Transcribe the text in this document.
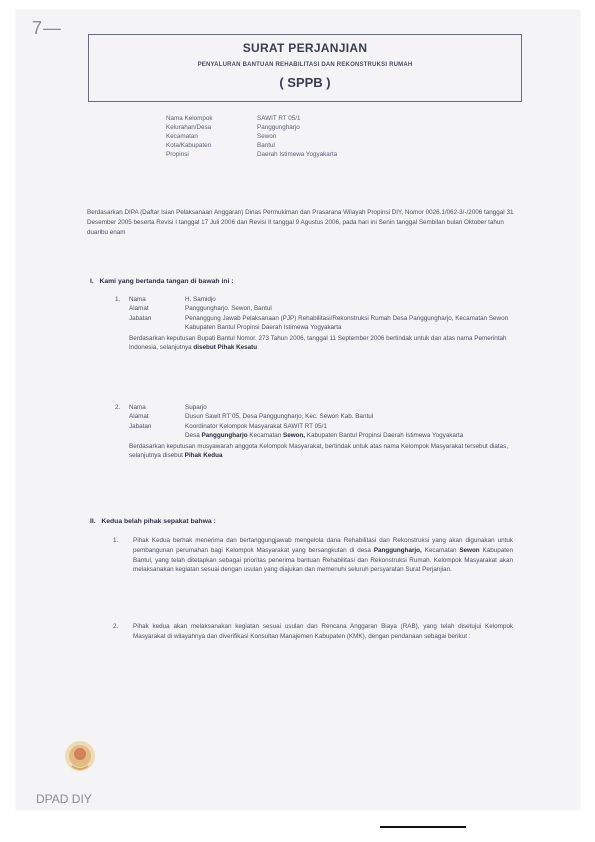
7 —
SURAT PERJANJIAN
PENYALURAN BANTUAN REHABILITASI DAN REKONSTRUKSI RUMAH
( SPPB )
Nama Kelompok	SAWIT RT 05/1
Kelurahan/Desa	Panggungharjo
Kecamatan	Sewon
Kota/Kabupaten	Bantul
Propinsi	Daerah Istimewa Yogyakarta
Berdasarkan DIPA (Daftar Isian Pelaksanaan Anggaran) Dinas Permukiman dan Prasarana Wilayah Propinsi DIY, Nomor 0026.1/062-3/-/2006 tanggal 31 Desember 2005 beserta Revisi I tanggal 17 Juli 2006 dan Revisi II tanggal 9 Agustus 2006, pada hari ini Senin tanggal Sembilan bulan Oktober tahun duaribu enam
I. Kami yang bertanda tangan di bawah ini :
1.	Nama	H. Samidjo
Alamat	Panggungharjo. Sewon, Bantul
Jabatan	Penanggung Jawab Pelaksanaan (PJP) Rehabilitasi/Rekonstruksi Rumah Desa Panggungharjo, Kecamatan Sewon Kabupaten Bantul Propinsi Daerah Istimewa Yogyakarta
Berdasarkan keputusan Bupati Bantul Nomor. 273 Tahun 2006, tanggal 11 September 2006 bertindak untuk dan atas nama Pemerintah Indonesia, selanjutnya disebut Pihak Kesatu
2.	Nama	Suparjo
Alamat	Dusun Sawit RT 05, Desa Panggungharjo, Kec. Sewon Kab. Bantul
Jabatan	Koordinator Kelompok Masyarakat SAWIT RT 05/1
Desa Panggungharjo Kecamatan Sewon, Kabupaten Bantul Propinsi Daerah Istimewa Yogyakarta
Berdasarkan keputusan musyawarah anggota Kelompok Masyarakat, bertindak untuk atas nama Kelompok Masyarakat tersebut diatas, selanjutnya disebut Pihak Kedua
II. Kedua belah pihak sepakat bahwa :
1.	Pihak Kedua berhak menerima dan bertanggungjawab mengelola dana Rehabilitasi dan Rekonstruksi yang akan digunakan untuk pembangunan perumahan bagi Kelompok Masyarakat yang bersangkutan di desa Panggungharjo, Kecamatan Sewon Kabupaten Bantul, yang telah ditetapkan sebagai prioritas penerima bantuan Rehabilitasi dan Rekonstruksi Rumah. Kelompok Masyarakat akan melaksanakan kegiatan sesuai dengan usulan yang diajukan dan memenuhi seluruh persyaratan Surat Perjanjian.
2.	Pihak kedua akan melaksanakan kegiatan sesuai usulan dan Rencana Anggaran Biaya (RAB), yang telah disetujui Kelompok Masyarakat di wilayahnya dan diverifikasi Konsultan Manajemen Kabupaten (KMK), dengan pendanaan sebagai berikut :
DPAD DIY
